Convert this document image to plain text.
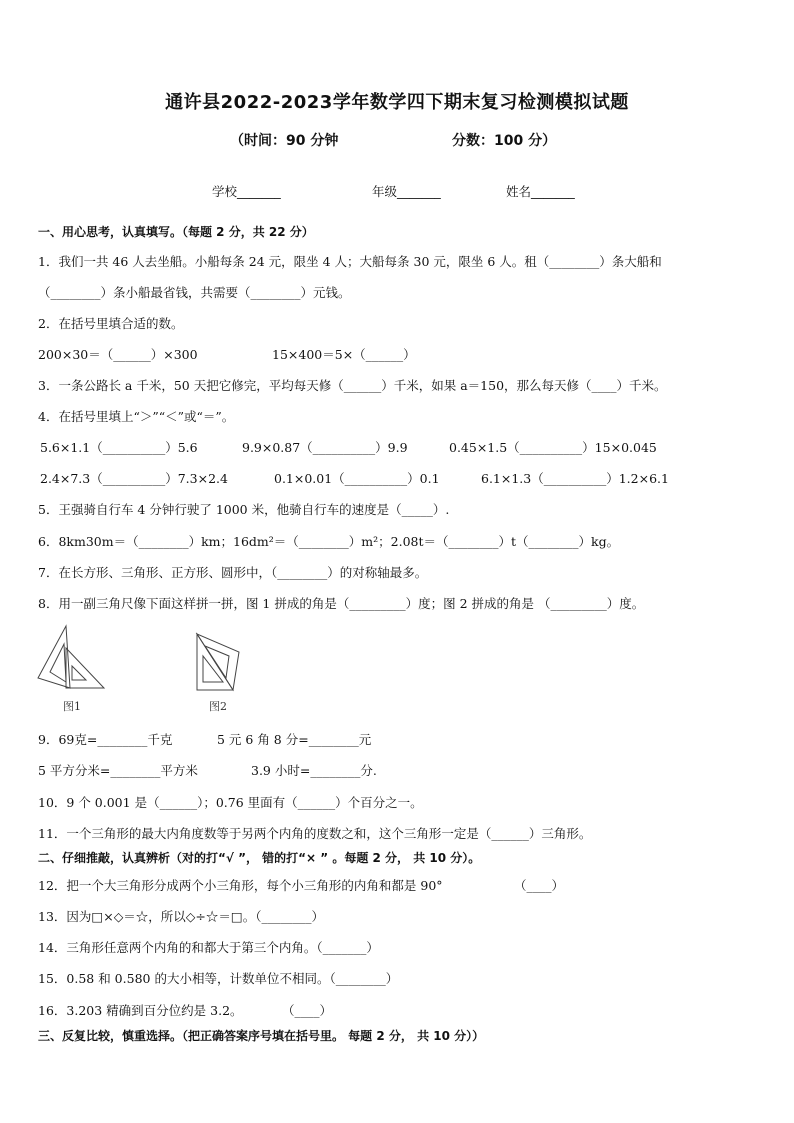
通许县2022-2023学年数学四下期末复习检测模拟试题
（时间：90 分钟	分数：100 分）
学校_______	年级_______	姓名_______
一、用心思考，认真填写。（每题 2 分，共 22 分）
1．我们一共 46 人去坐船。小船每条 24 元，限坐 4 人；大船每条 30 元，限坐 6 人。租（________）条大船和
（________）条小船最省钱，共需要（________）元钱。
2．在括号里填合适的数。
200×30＝（______）×300	15×400＝5×（______）
3．一条公路长 a 千米，50 天把它修完，平均每天修（______）千米，如果 a＝150，那么每天修（____）千米。
4．在括号里填上“＞”“＜”或“＝”。
5.6×1.1（__________）5.6	9.9×0.87（__________）9.9	0.45×1.5（__________）15×0.045
2.4×7.3（__________）7.3×2.4	0.1×0.01（__________）0.1	6.1×1.3（__________）1.2×6.1
5．王强骑自行车 4 分钟行驶了 1000 米，他骑自行车的速度是（_____）.
6．8km30m＝（________）km；16dm²＝（________）m²；2.08t＝（________）t（________）kg。
7．在长方形、三角形、正方形、圆形中，（________）的对称轴最多。
8．用一副三角尺像下面这样拼一拼，图 1 拼成的角是（_________）度；图 2 拼成的角是 （_________）度。
图1	图2
9．69克=________千克	5 元 6 角 8 分=________元
5 平方分米=________平方米	3.9 小时=________分.
10．9 个 0.001 是（______）；0.76 里面有（______）个百分之一。
11．一个三角形的最大内角度数等于另两个内角的度数之和，这个三角形一定是（______）三角形。
二、仔细推敲，认真辨析（对的打“√ ”， 错的打“× ” 。每题 2 分， 共 10 分）。
12．把一个大三角形分成两个小三角形，每个小三角形的内角和都是 90°	（____）
13．因为□×◇＝☆，所以◇÷☆＝□。（________）
14．三角形任意两个内角的和都大于第三个内角。（_______）
15．0.58 和 0.580 的大小相等，计数单位不相同。（________）
16．3.203 精确到百分位约是 3.2。	（____）
三、反复比较，慎重选择。（把正确答案序号填在括号里。 每题 2 分， 共 10 分））
